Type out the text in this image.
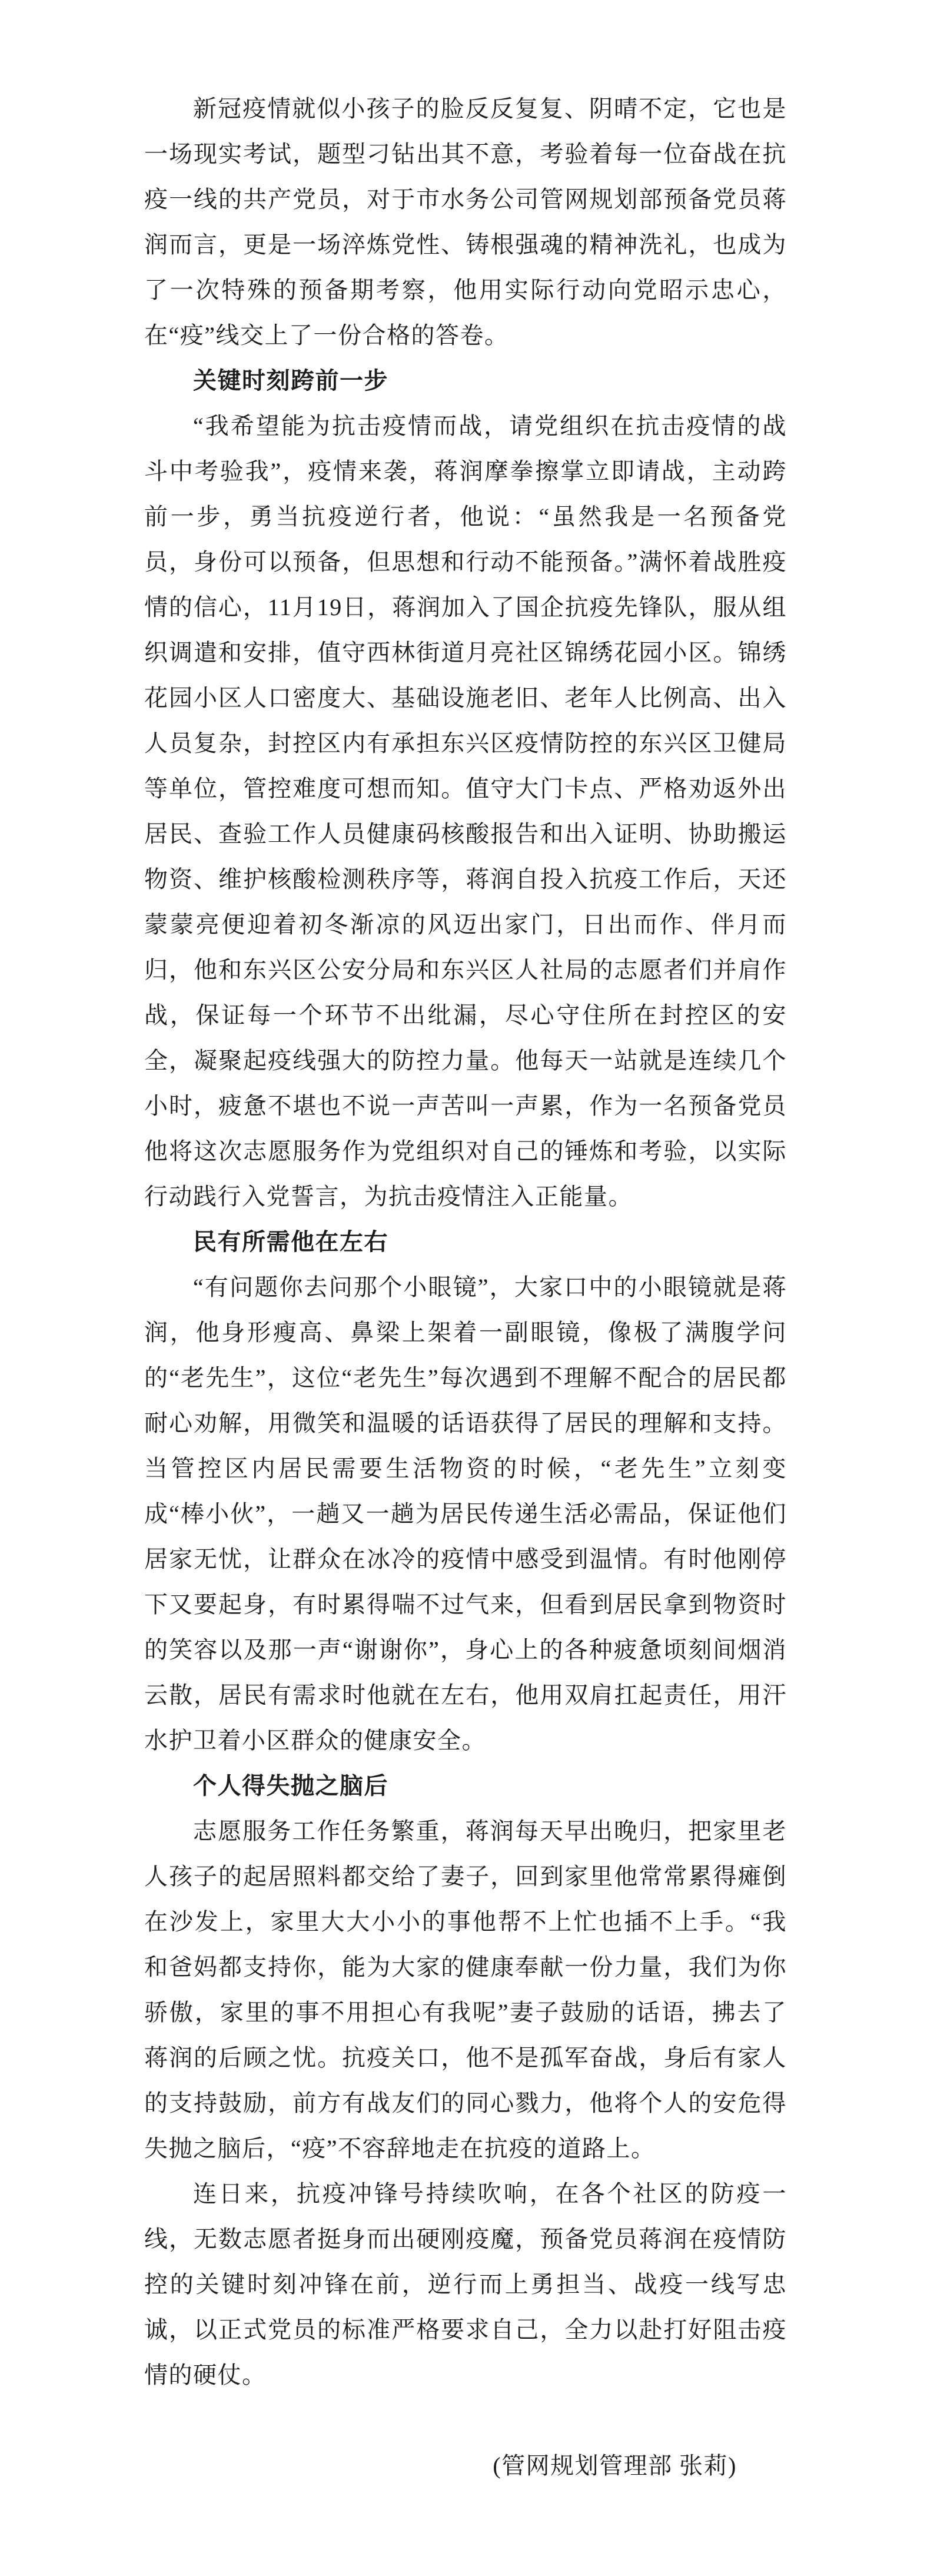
新冠疫情就似小孩子的脸反反复复、阴晴不定，它也是一场现实考试，题型刁钻出其不意，考验着每一位奋战在抗疫一线的共产党员，对于市水务公司管网规划部预备党员蒋润而言，更是一场淬炼党性、铸根强魂的精神洗礼，也成为了一次特殊的预备期考察，他用实际行动向党昭示忠心，在“疫”线交上了一份合格的答卷。

关键时刻跨前一步

“我希望能为抗击疫情而战，请党组织在抗击疫情的战斗中考验我”，疫情来袭，蒋润摩拳擦掌立即请战，主动跨前一步，勇当抗疫逆行者，他说：“虽然我是一名预备党员，身份可以预备，但思想和行动不能预备。”满怀着战胜疫情的信心，11月19日，蒋润加入了国企抗疫先锋队，服从组织调遣和安排，值守西林街道月亮社区锦绣花园小区。锦绣花园小区人口密度大、基础设施老旧、老年人比例高、出入人员复杂，封控区内有承担东兴区疫情防控的东兴区卫健局等单位，管控难度可想而知。值守大门卡点、严格劝返外出居民、查验工作人员健康码核酸报告和出入证明、协助搬运物资、维护核酸检测秩序等，蒋润自投入抗疫工作后，天还蒙蒙亮便迎着初冬渐凉的风迈出家门，日出而作、伴月而归，他和东兴区公安分局和东兴区人社局的志愿者们并肩作战，保证每一个环节不出纰漏，尽心守住所在封控区的安全，凝聚起疫线强大的防控力量。他每天一站就是连续几个小时，疲惫不堪也不说一声苦叫一声累，作为一名预备党员他将这次志愿服务作为党组织对自己的锤炼和考验，以实际行动践行入党誓言，为抗击疫情注入正能量。

民有所需他在左右

“有问题你去问那个小眼镜”，大家口中的小眼镜就是蒋润，他身形瘦高、鼻梁上架着一副眼镜，像极了满腹学问的“老先生”，这位“老先生”每次遇到不理解不配合的居民都耐心劝解，用微笑和温暖的话语获得了居民的理解和支持。当管控区内居民需要生活物资的时候，“老先生”立刻变成“棒小伙”，一趟又一趟为居民传递生活必需品，保证他们居家无忧，让群众在冰冷的疫情中感受到温情。有时他刚停下又要起身，有时累得喘不过气来，但看到居民拿到物资时的笑容以及那一声“谢谢你”，身心上的各种疲惫顷刻间烟消云散，居民有需求时他就在左右，他用双肩扛起责任，用汗水护卫着小区群众的健康安全。

个人得失抛之脑后

志愿服务工作任务繁重，蒋润每天早出晚归，把家里老人孩子的起居照料都交给了妻子，回到家里他常常累得瘫倒在沙发上，家里大大小小的事他帮不上忙也插不上手。“我和爸妈都支持你，能为大家的健康奉献一份力量，我们为你骄傲，家里的事不用担心有我呢”妻子鼓励的话语，拂去了蒋润的后顾之忧。抗疫关口，他不是孤军奋战，身后有家人的支持鼓励，前方有战友们的同心戮力，他将个人的安危得失抛之脑后，“疫”不容辞地走在抗疫的道路上。

连日来，抗疫冲锋号持续吹响，在各个社区的防疫一线，无数志愿者挺身而出硬刚疫魔，预备党员蒋润在疫情防控的关键时刻冲锋在前，逆行而上勇担当、战疫一线写忠诚，以正式党员的标准严格要求自己，全力以赴打好阻击疫情的硬仗。

(管网规划管理部 张莉)
